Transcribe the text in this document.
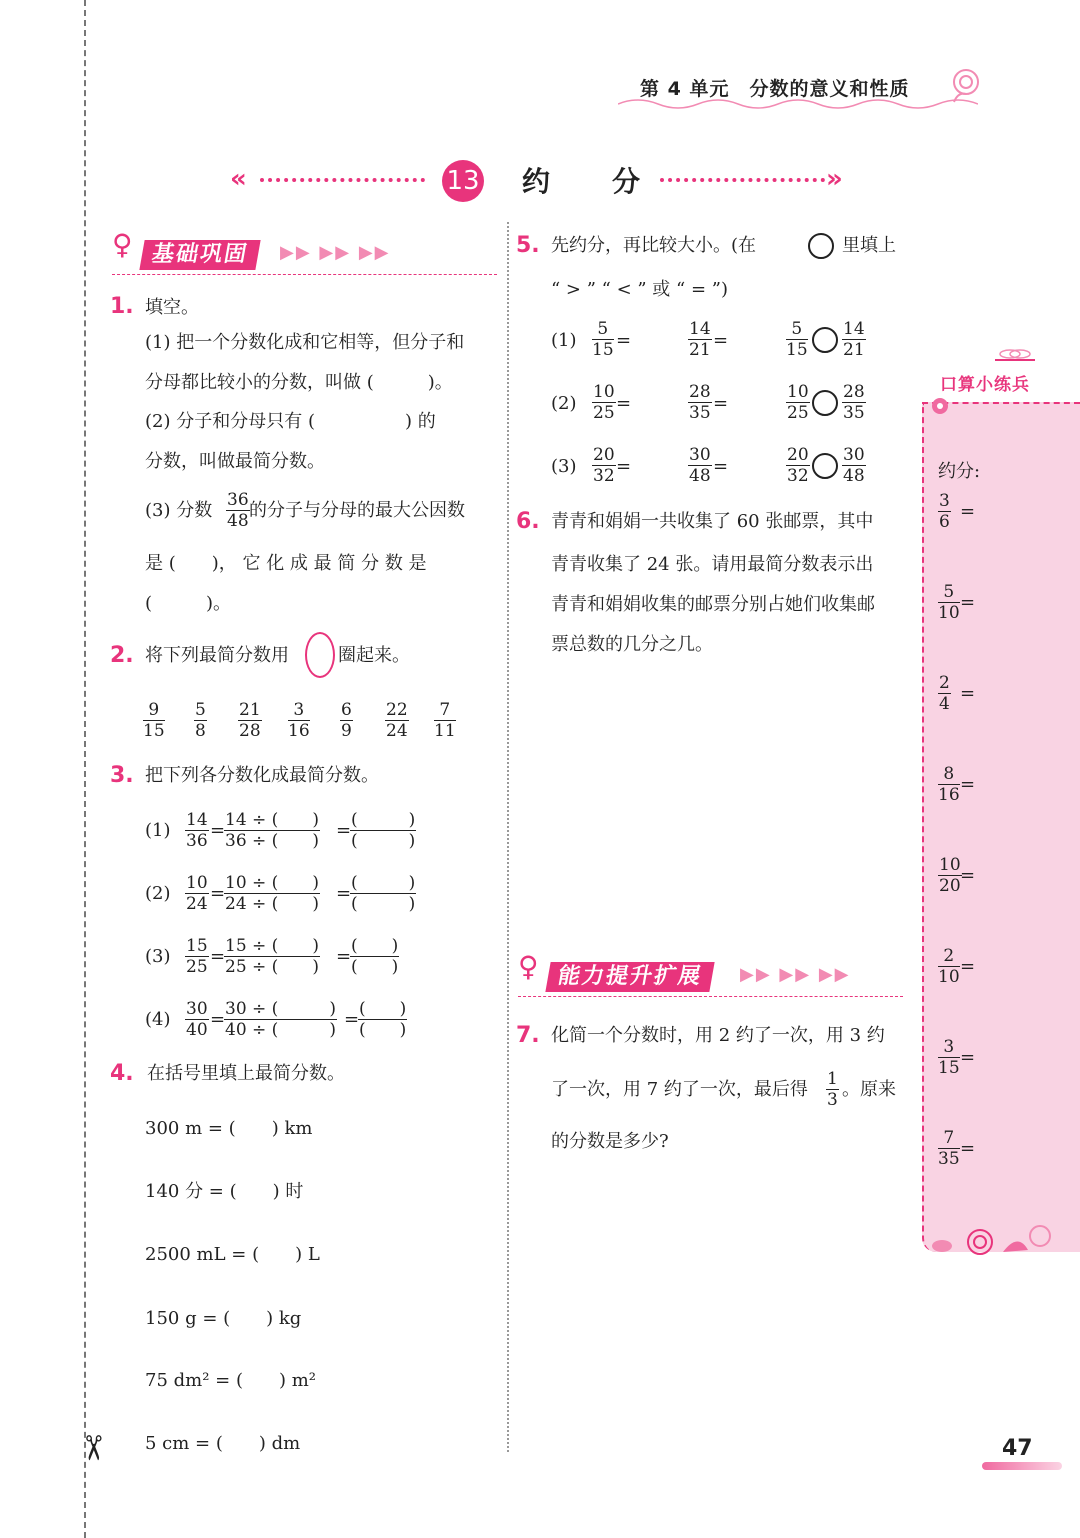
✂
第 4 单元　 分数的意义和性质
«	13 约分	»
♀ 基础巩固	▶▶ ▶▶ ▶▶
1. 填空。
(1) 把一个分数化成和它相等，但分子和
分母都比较小的分数，叫做 (　　　)。
(2) 分子和分母只有 (　　　　　) 的
分数，叫做最简分数。
(3) 分数 $\frac{36}{48}$ 的分子与分母的最大公因数
是 (　　)， 它 化 成 最 简 分 数 是
(　　　)。
2. 将下列最简分数用	圈起来。
$\frac{9}{15} \frac{5}{8} \frac{21}{28} \frac{3}{16} \frac{6}{9} \frac{22}{24} \frac{7}{11}$
3. 把下列各分数化成最简分数。
$(1) \frac{14}{36}$ =
$\frac{14 \div ( )}{36 \div ( )}$ = (　　　)
(　　　)
$(2) \frac{10}{24}$ =
$\frac{10 \div ( )}{24 \div ( )}$ = (　　　)
(　　　)
$(3) \frac{15}{25}$ =
$\frac{15 \div ( )}{25 \div ( )}$ = (　　)
(　　)
$(4) \frac{30}{40}$ =
$\frac{30 \div ( )}{40 \div ( )}$ = (　　)
(　　)
4. 在括号里填上最简分数。
300 m = (　　) km
140 分 = (　　) 时
2500 mL = (　　) L
150 g = (　　) kg
75 dm² = (　　) m²
5 cm = (　　) dm
5. 先约分，再比较大小。(在	里填上
“ > ” “ < ” 或 “ = ”)
$(1) \frac{5}{15}$ =	$\frac{14}{21}$ =	$\frac{5}{15} \frac{14}{21}$
$(2) \frac{10}{25}$ =	$\frac{28}{35}$ =	$\frac{10}{25} \frac{28}{35}$
$(3) \frac{20}{32}$ =	$\frac{30}{48}$ =	$\frac{20}{32} \frac{30}{48}$
6. 青青和娟娟一共收集了 60 张邮票，其中
青青收集了 24 张。请用最简分数表示出
青青和娟娟收集的邮票分别占她们收集邮
票总数的几分之几。
♀ 能力提升扩展	▶▶ ▶▶ ▶▶
7. 化简一个分数时，用 2 约了一次，用 3 约
了一次，用 7 约了一次，最后得 $\frac{1}{3}$ 。原来
的分数是多少?
口算小练兵
约分:
$\frac{3}{6}$ =
$\frac{5}{10}$ =
$\frac{2}{4}$ =
$\frac{8}{16}$ =
$\frac{10}{20}$
=
$\frac{2}{10}$ =
$\frac{3}{15}$ =
$\frac{7}{35}$ =
47
